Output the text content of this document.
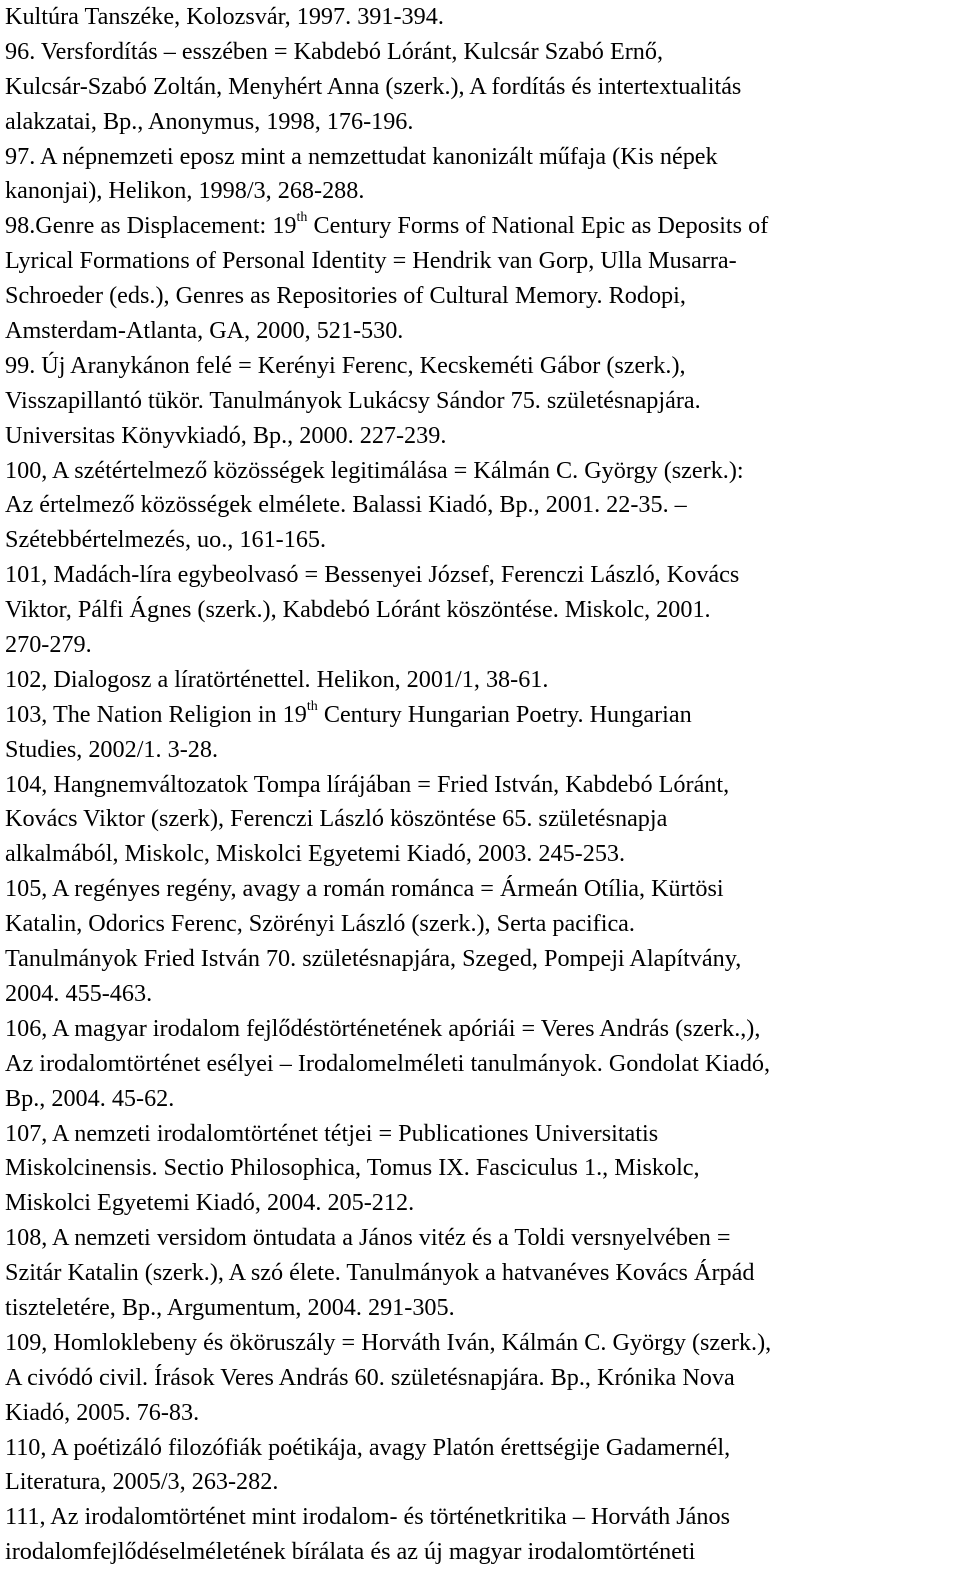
Kultúra Tanszéke, Kolozsvár, 1997. 391-394.
96. Versfordítás – esszében = Kabdebó Lóránt, Kulcsár Szabó Ernő,
Kulcsár-Szabó Zoltán, Menyhért Anna (szerk.), A fordítás és intertextualitás
alakzatai, Bp., Anonymus, 1998, 176-196.
97. A népnemzeti eposz mint a nemzettudat kanonizált műfaja (Kis népek
kanonjai), Helikon, 1998/3, 268-288.
98.Genre as Displacement: 19th Century Forms of National Epic as Deposits of
Lyrical Formations of Personal Identity = Hendrik van Gorp, Ulla Musarra-
Schroeder (eds.), Genres as Repositories of Cultural Memory. Rodopi,
Amsterdam-Atlanta, GA, 2000, 521-530.
99. Új Aranykánon felé = Kerényi Ferenc, Kecskeméti Gábor (szerk.),
Visszapillantó tükör. Tanulmányok Lukácsy Sándor 75. születésnapjára.
Universitas Könyvkiadó, Bp., 2000. 227-239.
100, A szétértelmező közösségek legitimálása = Kálmán C. György (szerk.):
Az értelmező közösségek elmélete. Balassi Kiadó, Bp., 2001. 22-35. –
Szétebbértelmezés, uo., 161-165.
101, Madách-líra egybeolvasó = Bessenyei József, Ferenczi László, Kovács
Viktor, Pálfi Ágnes (szerk.), Kabdebó Lóránt köszöntése. Miskolc, 2001.
270-279.
102, Dialogosz a líratörténettel. Helikon, 2001/1, 38-61.
103, The Nation Religion in 19th Century Hungarian Poetry. Hungarian
Studies, 2002/1. 3-28.
104, Hangnemváltozatok Tompa lírájában = Fried István, Kabdebó Lóránt,
Kovács Viktor (szerk), Ferenczi László köszöntése 65. születésnapja
alkalmából, Miskolc, Miskolci Egyetemi Kiadó, 2003. 245-253.
105, A regényes regény, avagy a román románca = Ármeán Otília, Kürtösi
Katalin, Odorics Ferenc, Szörényi László (szerk.), Serta pacifica.
Tanulmányok Fried István 70. születésnapjára, Szeged, Pompeji Alapítvány,
2004. 455-463.
106, A magyar irodalom fejlődéstörténetének apóriái = Veres András (szerk.,),
Az irodalomtörténet esélyei – Irodalomelméleti tanulmányok. Gondolat Kiadó,
Bp., 2004. 45-62.
107, A nemzeti irodalomtörténet tétjei = Publicationes Universitatis
Miskolcinensis. Sectio Philosophica, Tomus IX. Fasciculus 1., Miskolc,
Miskolci Egyetemi Kiadó, 2004. 205-212.
108, A nemzeti versidom öntudata a János vitéz és a Toldi versnyelvében =
Szitár Katalin (szerk.), A szó élete. Tanulmányok a hatvanéves Kovács Árpád
tiszteletére, Bp., Argumentum, 2004. 291-305.
109, Homloklebeny és ököruszály = Horváth Iván, Kálmán C. György (szerk.),
A civódó civil. Írások Veres András 60. születésnapjára. Bp., Krónika Nova
Kiadó, 2005. 76-83.
110, A poétizáló filozófiák poétikája, avagy Platón érettségije Gadamernél,
Literatura, 2005/3, 263-282.
111, Az irodalomtörténet mint irodalom- és történetkritika – Horváth János
irodalomfejlődéselméletének bírálata és az új magyar irodalomtörténeti
